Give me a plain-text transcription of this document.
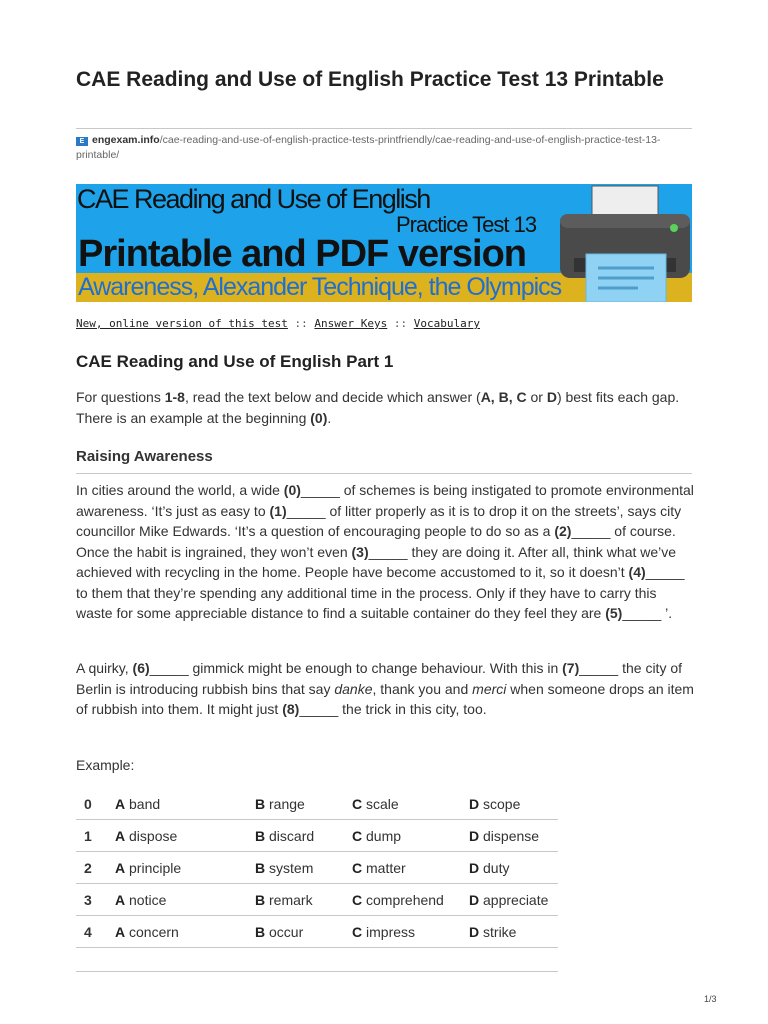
CAE Reading and Use of English Practice Test 13 Printable
E engexam.info/cae-reading-and-use-of-english-practice-tests-printfriendly/cae-reading-and-use-of-english-practice-test-13-printable/
CAE Reading and Use of English
Practice Test 13
Printable and PDF version
Awareness, Alexander Technique, the Olympics
New, online version of this test :: Answer Keys :: Vocabulary
CAE Reading and Use of English Part 1

For questions 1-8, read the text below and decide which answer (A, B, C or D) best fits each gap. There is an example at the beginning (0).

Raising Awareness

In cities around the world, a wide (0)_____ of schemes is being instigated to promote environmental awareness. ‘It’s just as easy to (1)_____ of litter properly as it is to drop it on the streets’, says city councillor Mike Edwards. ‘It’s a question of encouraging people to do so as a (2)_____ of course. Once the habit is ingrained, they won’t even (3)_____ they are doing it. After all, think what we’ve achieved with recycling in the home. People have become accustomed to it, so it doesn’t (4)_____ to them that they’re spending any additional time in the process. Only if they have to carry this waste for some appreciable distance to find a suitable container do they feel they are (5)_____ ’.

A quirky, (6)_____ gimmick might be enough to change behaviour. With this in (7)_____ the city of Berlin is introducing rubbish bins that say danke, thank you and merci when someone drops an item of rubbish into them. It might just (8)_____ the trick in this city, too.

Example:

0	A band	B range	C scale	D scope
1	A dispose	B discard	C dump	D dispense
2	A principle	B system	C matter	D duty
3	A notice	B remark	C comprehend	D appreciate
4	A concern	B occur	C impress	D strike
1/3
